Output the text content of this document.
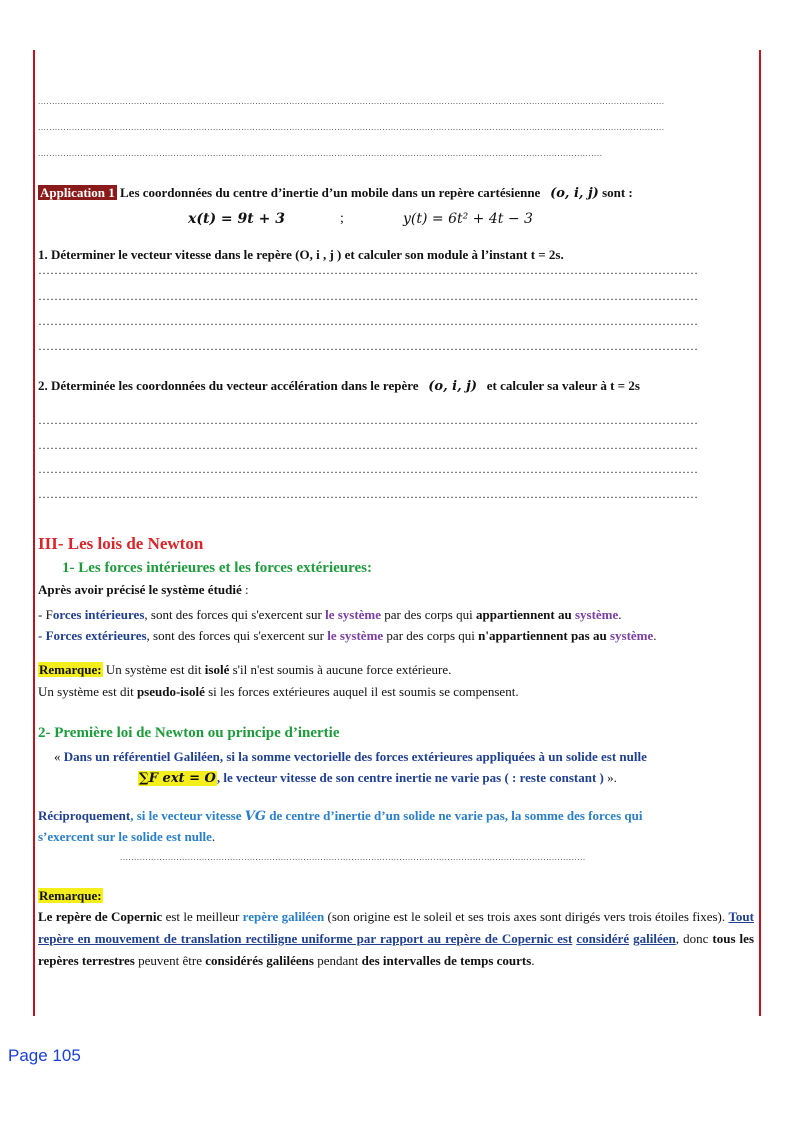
..............................................................................................................................................................................................................................
..............................................................................................................................................................................................................................
........................................................................................................................................................................................................
Application 1 Les coordonnées du centre d’inertie d’un mobile dans un repère cartésienne (o, i, j) sont :
x(t) = 9t + 3	;	y(t) = 6t² + 4t − 3
1. Déterminer le vecteur vitesse dans le repère (O, i , j ) et calculer son module à l’instant t = 2s.
…………………………………………………………………………………………………………………………………………………
…………………………………………………………………………………………………………………………………………………
…………………………………………………………………………………………………………………………………………………
…………………………………………………………………………………………………………………………………………………
2. Déterminée les coordonnées du vecteur accélération dans le repère (o, i, j) et calculer sa valeur à t = 2s
…………………………………………………………………………………………………………………………………………………
…………………………………………………………………………………………………………………………………………………
…………………………………………………………………………………………………………………………………………………
…………………………………………………………………………………………………………………………………………………
III- Les lois de Newton
1- Les forces intérieures et les forces extérieures:
Après avoir précisé le système étudié :
- Forces intérieures, sont des forces qui s'exercent sur le système par des corps qui appartiennent au système.
- Forces extérieures, sont des forces qui s'exercent sur le système par des corps qui n'appartiennent pas au système.
Remarque: Un système est dit isolé s'il n'est soumis à aucune force extérieure.
Un système est dit pseudo-isolé si les forces extérieures auquel il est soumis se compensent.
2- Première loi de Newton ou principe d’inertie
« Dans un référentiel Galiléen, si la somme vectorielle des forces extérieures appliquées à un solide est nulle
∑F ext = O, le vecteur vitesse de son centre inertie ne varie pas ( : reste constant ) ».
Réciproquement, si le vecteur vitesse VG de centre d’inertie d’un solide ne varie pas, la somme des forces qui
s’exercent sur le solide est nulle.
.....................................................................................................................................................................
Remarque:
Le repère de Copernic est le meilleur repère galiléen (son origine est le soleil et ses trois axes sont dirigés vers trois étoiles fixes). Tout repère en mouvement de translation rectiligne uniforme par rapport au repère de Copernic est considéré galiléen, donc tous les repères terrestres peuvent être considérés galiléens pendant des intervalles de temps courts.
Page 105
